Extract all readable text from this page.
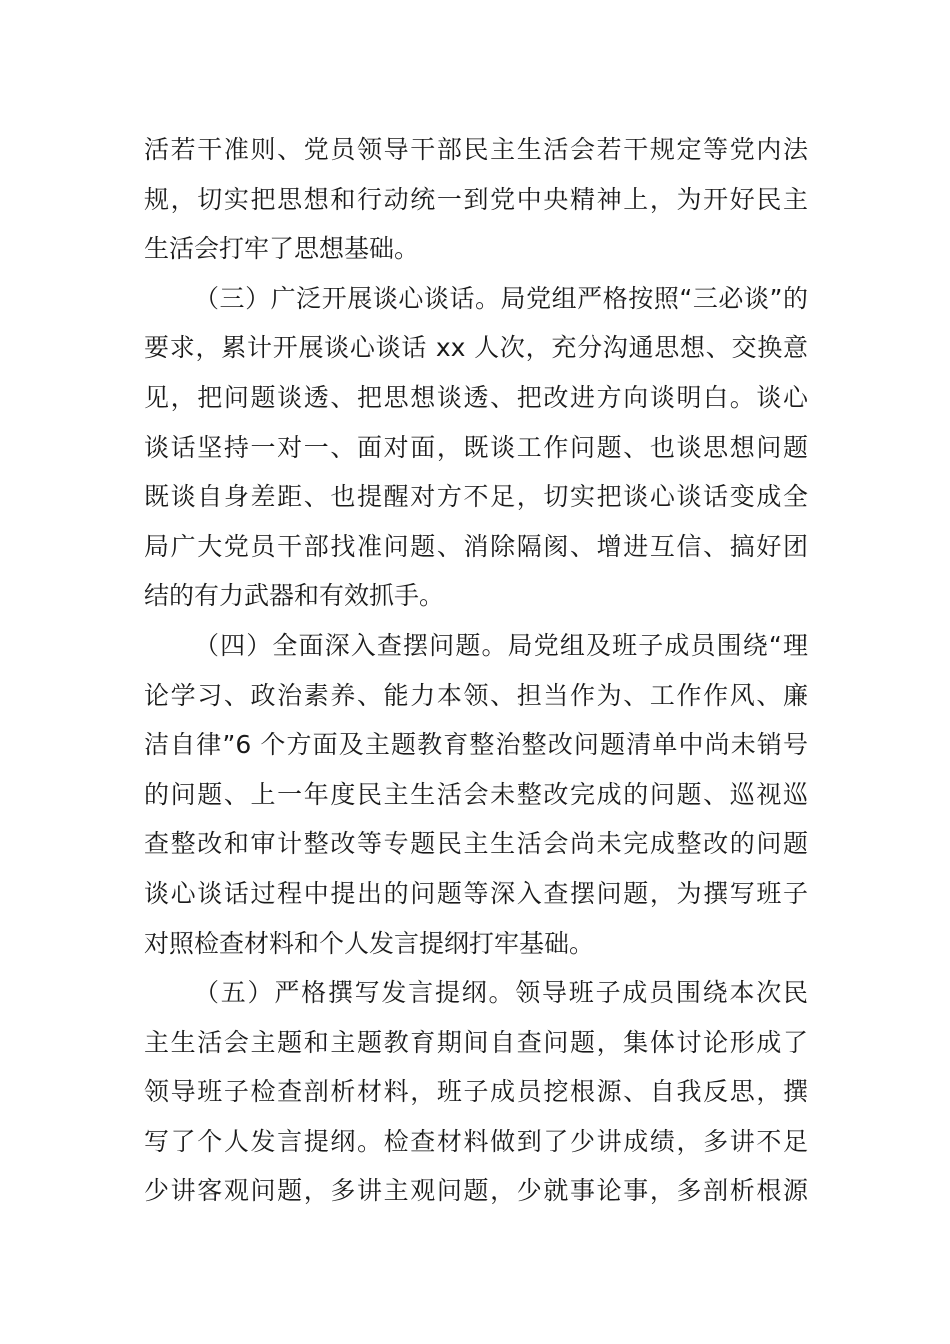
活若干准则、党员领导干部民主生活会若干规定等党内法
规，切实把思想和行动统一到党中央精神上，为开好民主
生活会打牢了思想基础。
（三）广泛开展谈心谈话。局党组严格按照“三必谈”的
要求，累计开展谈心谈话 xx 人次，充分沟通思想、交换意
见，把问题谈透、把思想谈透、把改进方向谈明白。谈心
谈话坚持一对一、面对面，既谈工作问题、也谈思想问题
既谈自身差距、也提醒对方不足，切实把谈心谈话变成全
局广大党员干部找准问题、消除隔阂、增进互信、搞好团
结的有力武器和有效抓手。
（四）全面深入查摆问题。局党组及班子成员围绕“理
论学习、政治素养、能力本领、担当作为、工作作风、廉
洁自律”6 个方面及主题教育整治整改问题清单中尚未销号
的问题、上一年度民主生活会未整改完成的问题、巡视巡
查整改和审计整改等专题民主生活会尚未完成整改的问题
谈心谈话过程中提出的问题等深入查摆问题，为撰写班子
对照检查材料和个人发言提纲打牢基础。
（五）严格撰写发言提纲。领导班子成员围绕本次民
主生活会主题和主题教育期间自查问题，集体讨论形成了
领导班子检查剖析材料，班子成员挖根源、自我反思，撰
写了个人发言提纲。检查材料做到了少讲成绩，多讲不足
少讲客观问题，多讲主观问题，少就事论事，多剖析根源
